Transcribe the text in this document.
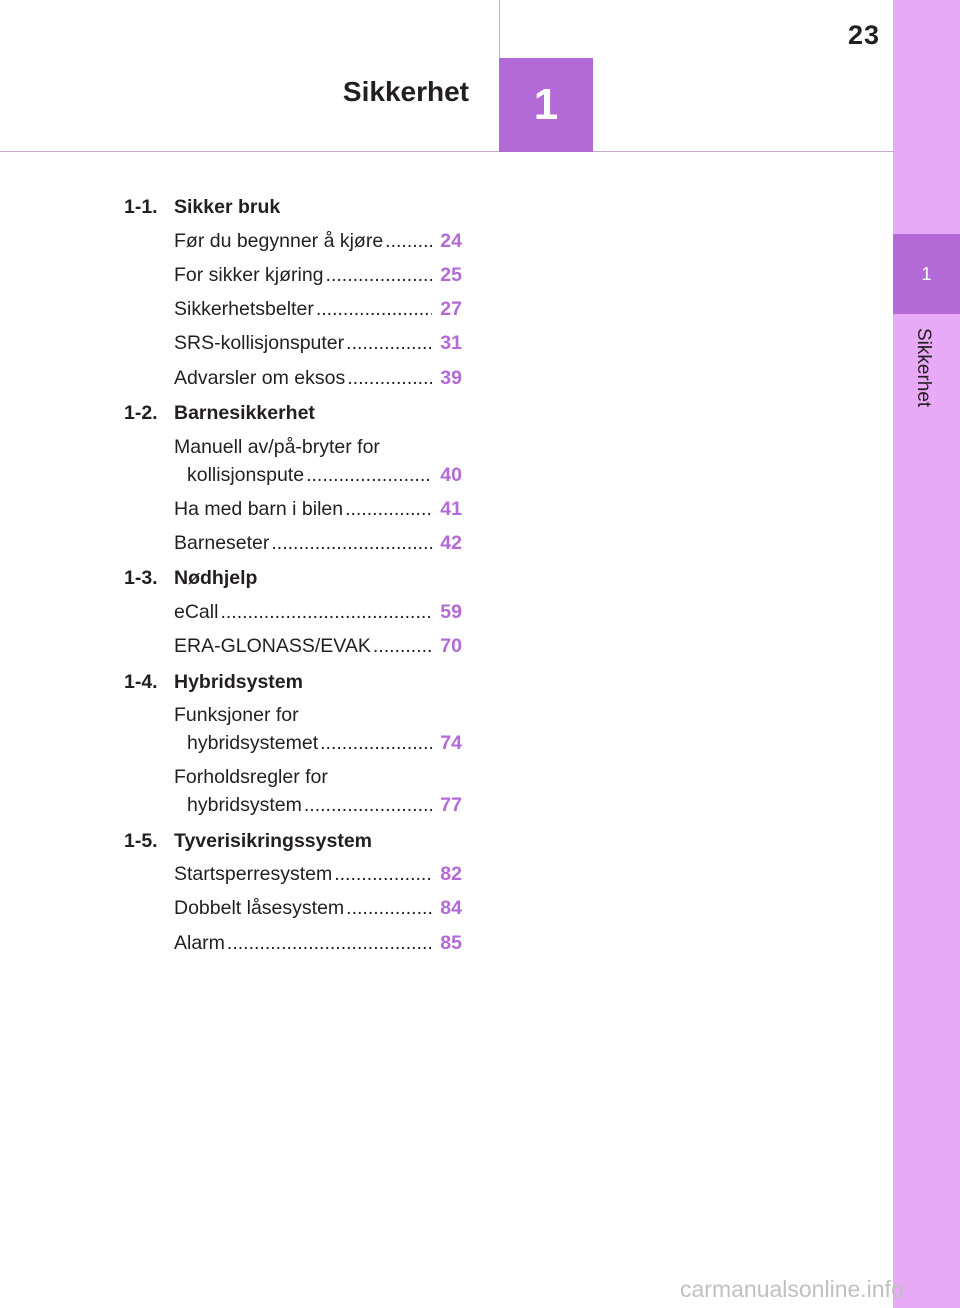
1
Sikkerhet
23
Sikkerhet	1
1-1. Sikker bruk
Før du begynner å kjøre .....	24
For sikker kjøring .....	25
Sikkerhetsbelter .....	27
SRS-kollisjonsputer .....	31
Advarsler om eksos .....	39
1-2. Barnesikkerhet
Manuell av/på-bryter for
kollisjonspute .....	40
Ha med barn i bilen .....	41
Barneseter .....	42
1-3. Nødhjelp
eCall .....	59
ERA-GLONASS/EVAK .....	70
1-4. Hybridsystem
Funksjoner for
hybridsystemet .....	74
Forholdsregler for
hybridsystem .....	77
1-5. Tyverisikringssystem
Startsperresystem .....	82
Dobbelt låsesystem .....	84
Alarm .....	85
carmanualsonline.info
